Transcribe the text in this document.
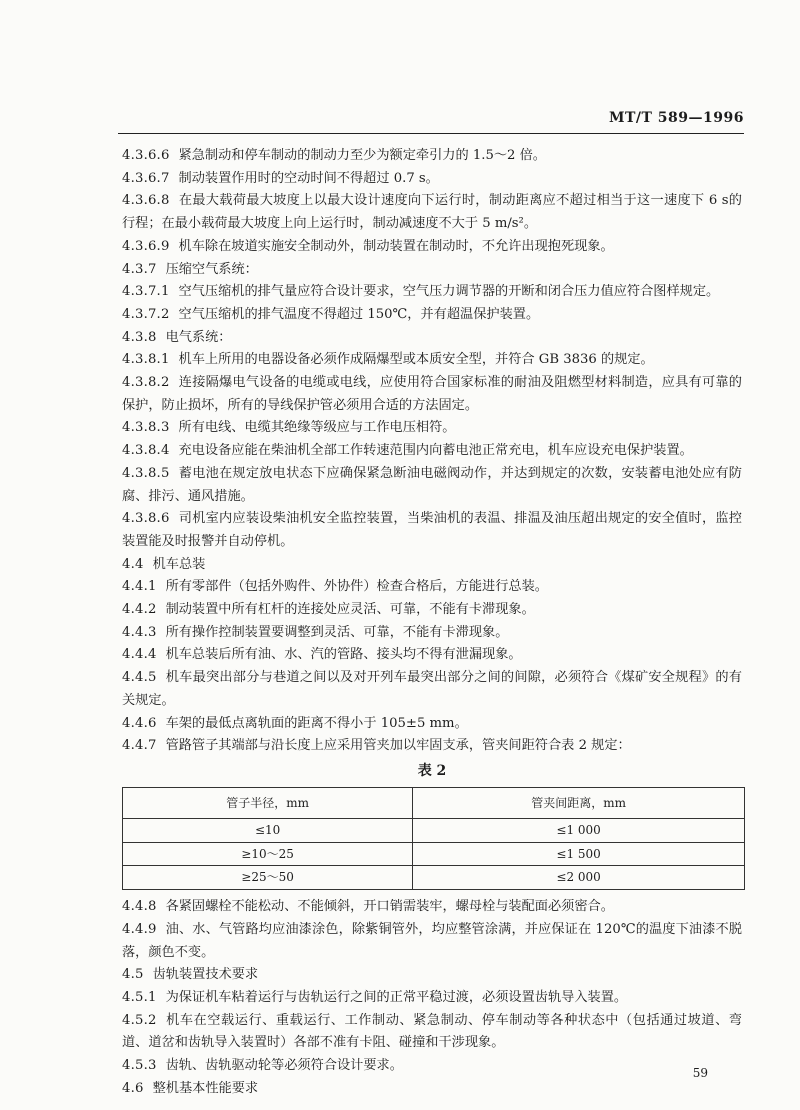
MT/T 589—1996

4.3.6.6 紧急制动和停车制动的制动力至少为额定牵引力的 1.5～2 倍。

4.3.6.7 制动装置作用时的空动时间不得超过 0.7 s。

4.3.6.8 在最大载荷最大坡度上以最大设计速度向下运行时，制动距离应不超过相当于这一速度下 6 s的行程；在最小载荷最大坡度上向上运行时，制动减速度不大于 5 m/s²。

4.3.6.9 机车除在坡道实施安全制动外，制动装置在制动时，不允许出现抱死现象。

4.3.7 压缩空气系统：

4.3.7.1 空气压缩机的排气量应符合设计要求，空气压力调节器的开断和闭合压力值应符合图样规定。

4.3.7.2 空气压缩机的排气温度不得超过 150℃，并有超温保护装置。

4.3.8 电气系统：

4.3.8.1 机车上所用的电器设备必须作成隔爆型或本质安全型，并符合 GB 3836 的规定。

4.3.8.2 连接隔爆电气设备的电缆或电线，应使用符合国家标准的耐油及阻燃型材料制造，应具有可靠的保护，防止损坏，所有的导线保护管必须用合适的方法固定。

4.3.8.3 所有电线、电缆其绝缘等级应与工作电压相符。

4.3.8.4 充电设备应能在柴油机全部工作转速范围内向蓄电池正常充电，机车应设充电保护装置。

4.3.8.5 蓄电池在规定放电状态下应确保紧急断油电磁阀动作，并达到规定的次数，安装蓄电池处应有防腐、排污、通风措施。

4.3.8.6 司机室内应装设柴油机安全监控装置，当柴油机的表温、排温及油压超出规定的安全值时，监控装置能及时报警并自动停机。

4.4 机车总装

4.4.1 所有零部件（包括外购件、外协件）检查合格后，方能进行总装。

4.4.2 制动装置中所有杠杆的连接处应灵活、可靠，不能有卡滞现象。

4.4.3 所有操作控制装置要调整到灵活、可靠，不能有卡滞现象。

4.4.4 机车总装后所有油、水、汽的管路、接头均不得有泄漏现象。

4.4.5 机车最突出部分与巷道之间以及对开列车最突出部分之间的间隙，必须符合《煤矿安全规程》的有关规定。

4.4.6 车架的最低点离轨面的距离不得小于 105±5 mm。

4.4.7 管路管子其端部与沿长度上应采用管夹加以牢固支承，管夹间距符合表 2 规定：

表 2

管子半径，mm	管夹间距离，mm
≤10	≤1 000
≥10～25	≤1 500
≥25～50	≤2 000

4.4.8 各紧固螺栓不能松动、不能倾斜，开口销需装牢，螺母栓与装配面必须密合。

4.4.9 油、水、气管路均应油漆涂色，除紫铜管外，均应整管涂满，并应保证在 120℃的温度下油漆不脱落，颜色不变。

4.5 齿轨装置技术要求

4.5.1 为保证机车粘着运行与齿轨运行之间的正常平稳过渡，必须设置齿轨导入装置。

4.5.2 机车在空载运行、重载运行、工作制动、紧急制动、停车制动等各种状态中（包括通过坡道、弯道、道岔和齿轨导入装置时）各部不准有卡阻、碰撞和干涉现象。

4.5.3 齿轨、齿轨驱动轮等必须符合设计要求。

4.6 整机基本性能要求

59
